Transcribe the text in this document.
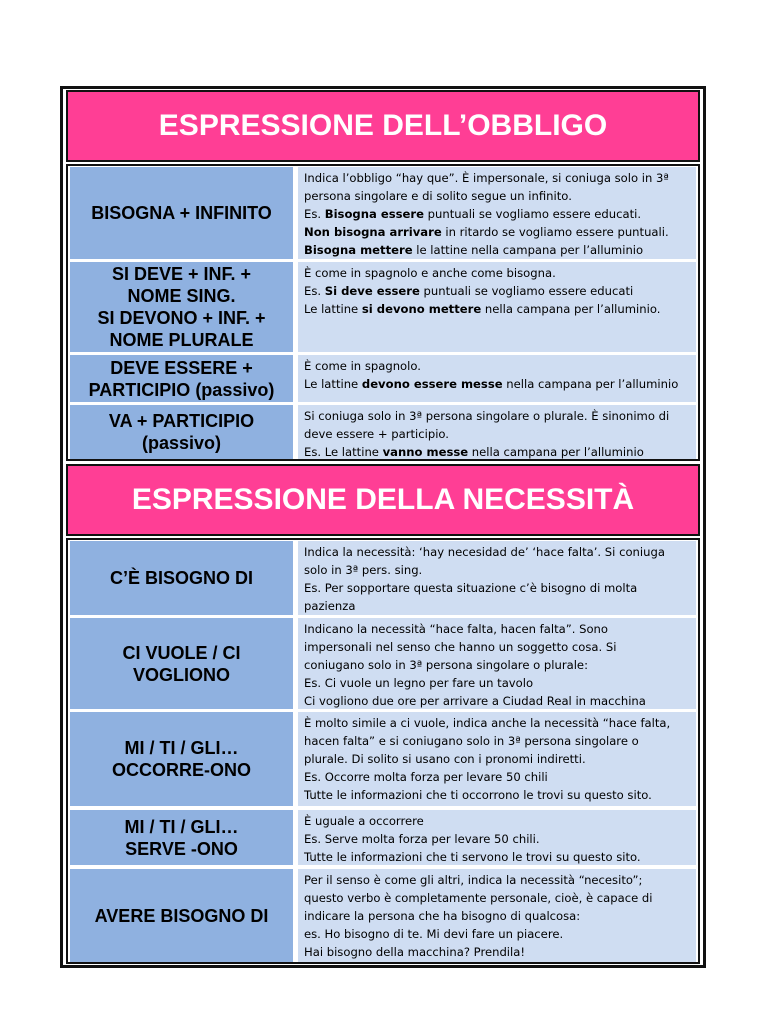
ESPRESSIONE DELL’OBBLIGO
BISOGNA + INFINITO
Indica l’obbligo “hay que”. È impersonale, si coniuga solo in 3ª
persona singolare e di solito segue un infinito.
Es. Bisogna essere puntuali se vogliamo essere educati.
Non bisogna arrivare in ritardo se vogliamo essere puntuali.
Bisogna mettere le lattine nella campana per l’alluminio
SI DEVE + INF. +
NOME SING.
SI DEVONO + INF. +
NOME PLURALE
È come in spagnolo e anche come bisogna.
Es. Si deve essere puntuali se vogliamo essere educati
Le lattine si devono mettere nella campana per l’alluminio.
DEVE ESSERE +
PARTICIPIO (passivo)
È come in spagnolo.
Le lattine devono essere messe nella campana per l’alluminio
VA + PARTICIPIO
(passivo)
Si coniuga solo in 3ª persona singolare o plurale. È sinonimo di
deve essere + participio.
Es. Le lattine vanno messe nella campana per l’alluminio
ESPRESSIONE DELLA NECESSITÀ
C’È BISOGNO DI
Indica la necessità: ‘hay necesidad de’ ‘hace falta’. Si coniuga
solo in 3ª pers. sing.
Es. Per sopportare questa situazione c’è bisogno di molta
pazienza
CI VUOLE / CI
VOGLIONO
Indicano la necessità “hace falta, hacen falta”. Sono
impersonali nel senso che hanno un soggetto cosa. Si
coniugano solo in 3ª persona singolare o plurale:
Es. Ci vuole un legno per fare un tavolo
Ci vogliono due ore per arrivare a Ciudad Real in macchina
MI / TI / GLI…
OCCORRE-ONO
È molto simile a ci vuole, indica anche la necessità “hace falta,
hacen falta” e si coniugano solo in 3ª persona singolare o
plurale. Di solito si usano con i pronomi indiretti.
Es. Occorre molta forza per levare 50 chili
Tutte le informazioni che ti occorrono le trovi su questo sito.
MI / TI / GLI…
SERVE -ONO
È uguale a occorrere
Es. Serve molta forza per levare 50 chili.
Tutte le informazioni che ti servono le trovi su questo sito.
AVERE BISOGNO DI
Per il senso è come gli altri, indica la necessità “necesito”;
questo verbo è completamente personale, cioè, è capace di
indicare la persona che ha bisogno di qualcosa:
es. Ho bisogno di te. Mi devi fare un piacere.
Hai bisogno della macchina? Prendila!
